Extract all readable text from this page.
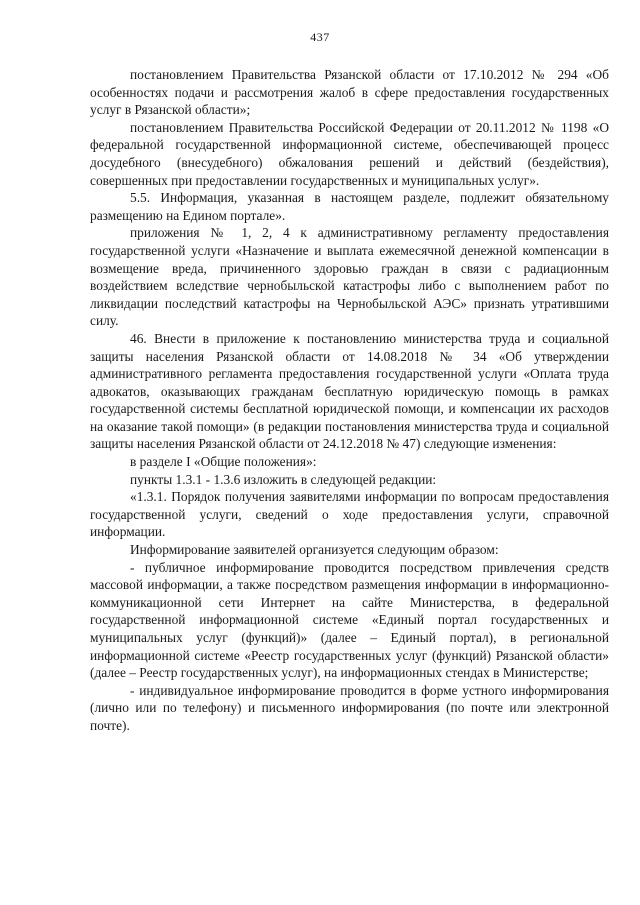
437

постановлением Правительства Рязанской области от 17.10.2012 № 294 «Об особенностях подачи и рассмотрения жалоб в сфере предоставления государственных услуг в Рязанской области»;

постановлением Правительства Российской Федерации от 20.11.2012 № 1198 «О федеральной государственной информационной системе, обеспечивающей процесс досудебного (внесудебного) обжалования решений и действий (бездействия), совершенных при предоставлении государственных и муниципальных услуг».

5.5. Информация, указанная в настоящем разделе, подлежит обязательному размещению на Едином портале».

приложения № 1, 2, 4 к административному регламенту предоставления государственной услуги «Назначение и выплата ежемесячной денежной компенсации в возмещение вреда, причиненного здоровью граждан в связи с радиационным воздействием вследствие чернобыльской катастрофы либо с выполнением работ по ликвидации последствий катастрофы на Чернобыльской АЭС» признать утратившими силу.

46. Внести в приложение к постановлению министерства труда и социальной защиты населения Рязанской области от 14.08.2018 № 34 «Об утверждении административного регламента предоставления государственной услуги «Оплата труда адвокатов, оказывающих гражданам бесплатную юридическую помощь в рамках государственной системы бесплатной юридической помощи, и компенсации их расходов на оказание такой помощи» (в редакции постановления министерства труда и социальной защиты населения Рязанской области от 24.12.2018 № 47) следующие изменения:

в разделе I «Общие положения»:

пункты 1.3.1 - 1.3.6 изложить в следующей редакции:

«1.3.1. Порядок получения заявителями информации по вопросам предоставления государственной услуги, сведений о ходе предоставления услуги, справочной информации.

Информирование заявителей организуется следующим образом:

- публичное информирование проводится посредством привлечения средств массовой информации, а также посредством размещения информации в информационно-коммуникационной сети Интернет на сайте Министерства, в федеральной государственной информационной системе «Единый портал государственных и муниципальных услуг (функций)» (далее – Единый портал), в региональной информационной системе «Реестр государственных услуг (функций) Рязанской области» (далее – Реестр государственных услуг), на информационных стендах в Министерстве;

- индивидуальное информирование проводится в форме устного информирования (лично или по телефону) и письменного информирования (по почте или электронной почте).
